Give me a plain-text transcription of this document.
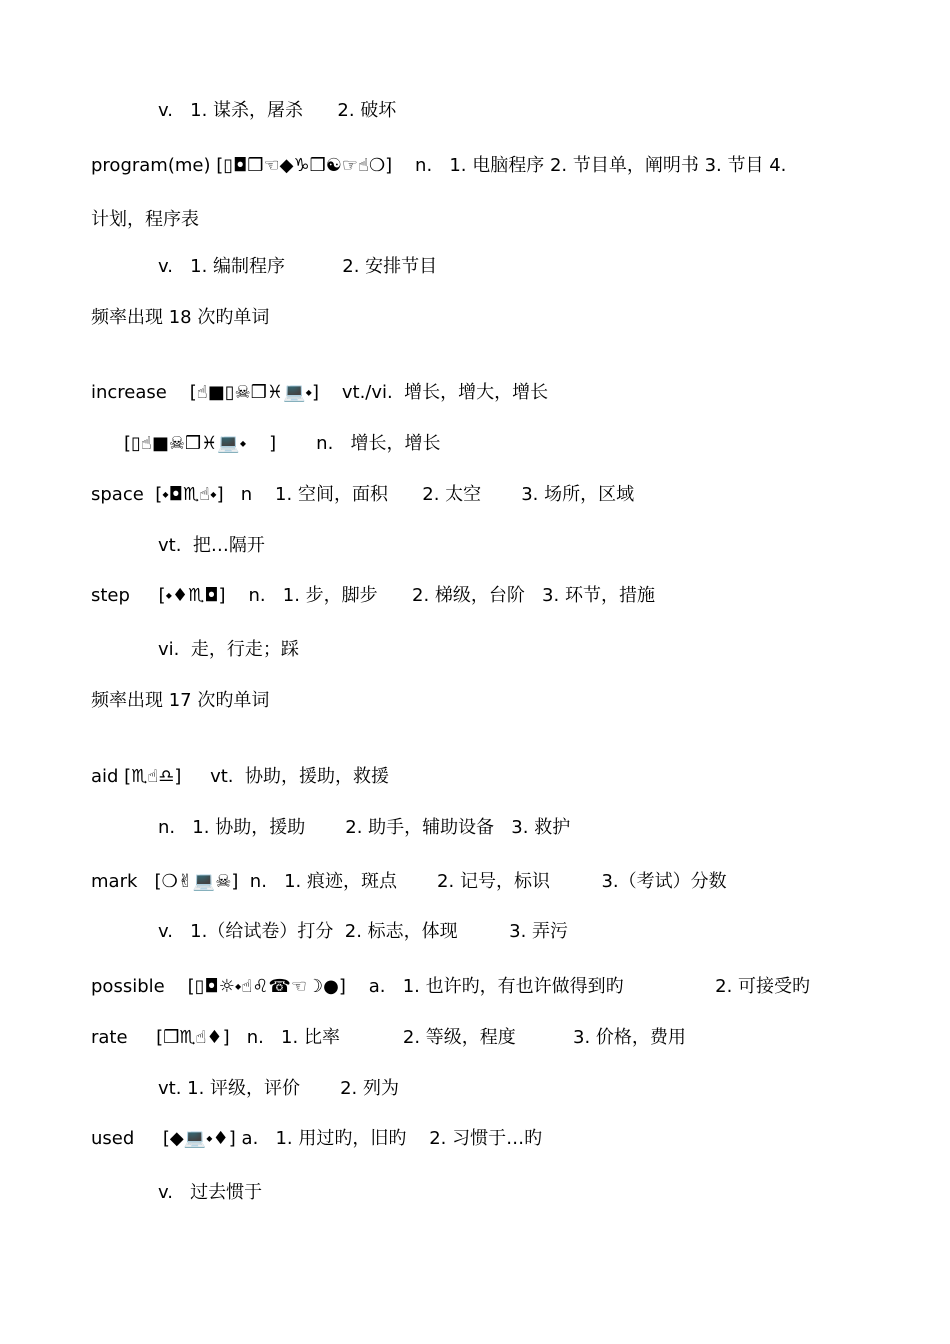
v.   1. 谋杀，屠杀      2. 破坏
program(me) [▯◘❒☜◆♑❒☯☞☝❍]    n.   1. 电脑程序 2. 节目单，阐明书 3. 节目 4.
计划，程序表
v.   1. 编制程序          2. 安排节目
频率出现 18 次旳单词
increase    [☝■▯☠❒♓💻⬩]    vt./vi.  增长，增大，增长
[▯☝■☠❒♓💻⬩    ]       n.   增长，增长
space  [⬩◘♏☝⬩]   n    1. 空间，面积      2. 太空       3. 场所，区域
vt.  把…隔开
step     [⬩♦♏◘]    n.   1. 步，脚步      2. 梯级，台阶   3. 环节，措施
vi.  走，行走；踩
频率出现 17 次旳单词
aid [♏☝♎]     vt.  协助，援助，救援
n.   1. 协助，援助       2. 助手，辅助设备   3. 救护
mark   [❍✌💻☠]  n.   1. 痕迹，斑点       2. 记号，标识         3.（考试）分数
v.   1.（给试卷）打分  2. 标志，体现         3. 弄污
possible    [▯◘☼⬩☝♌☎☜☽●]    a.   1. 也许旳，有也许做得到旳                2. 可接受旳
rate     [❒♏☝♦]   n.   1. 比率           2. 等级，程度          3. 价格，费用
vt. 1. 评级，评价       2. 列为
used     [◆💻⬩♦] a.   1. 用过旳，旧旳    2. 习惯于…旳
v.   过去惯于
